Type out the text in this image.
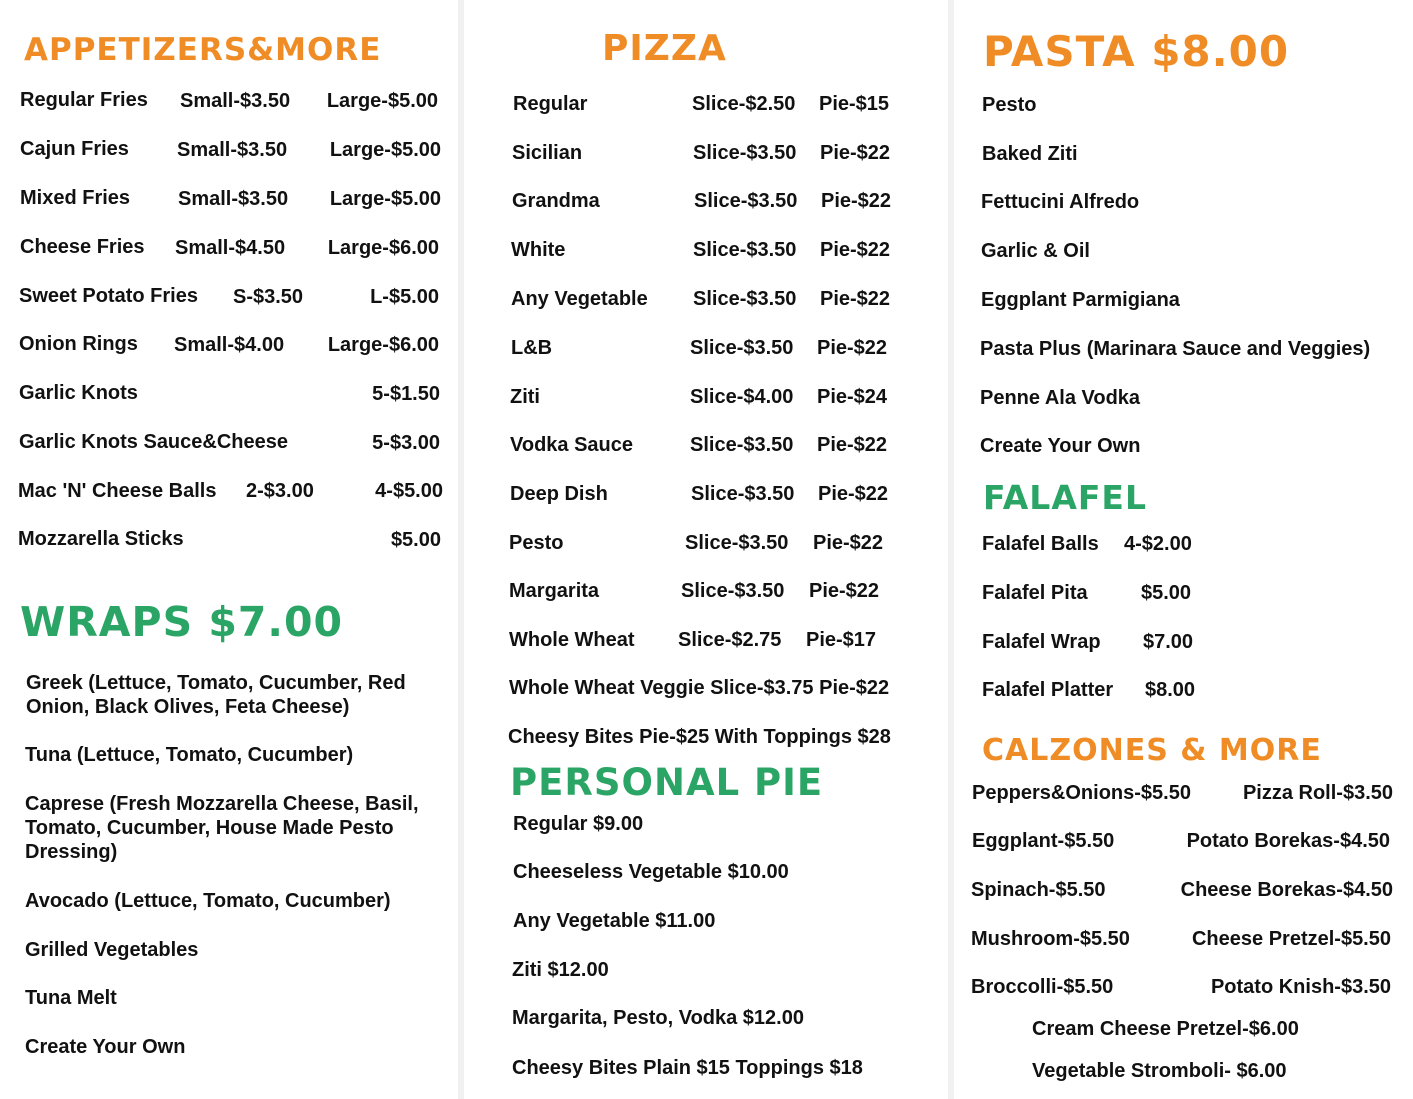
APPETIZERS&MORE
Regular Fries Small-$3.50	Large-$5.00
Cajun Fries Small-$3.50	Large-$5.00
Mixed Fries Small-$3.50	Large-$5.00
Cheese Fries Small-$4.50	Large-$6.00
Sweet Potato Fries S-$3.50	L-$5.00
Onion Rings Small-$4.00	Large-$6.00
Garlic Knots	5-$1.50
Garlic Knots Sauce&Cheese	5-$3.00
Mac 'N' Cheese Balls 2-$3.00	4-$5.00
Mozzarella Sticks	$5.00
WRAPS $7.00
Greek (Lettuce, Tomato, Cucumber, Red Onion, Black Olives, Feta Cheese)
Tuna (Lettuce, Tomato, Cucumber)
Caprese (Fresh Mozzarella Cheese, Basil, Tomato, Cucumber, House Made Pesto Dressing)
Avocado (Lettuce, Tomato, Cucumber)
Grilled Vegetables
Tuna Melt
Create Your Own
PIZZA
Regular	Slice-$2.50 Pie-$15
Sicilian	Slice-$3.50 Pie-$22
Grandma	Slice-$3.50 Pie-$22
White	Slice-$3.50 Pie-$22
Any Vegetable Slice-$3.50 Pie-$22
L&B	Slice-$3.50 Pie-$22
Ziti	Slice-$4.00 Pie-$24
Vodka Sauce	Slice-$3.50 Pie-$22
Deep Dish	Slice-$3.50 Pie-$22
Pesto	Slice-$3.50 Pie-$22
Margarita	Slice-$3.50 Pie-$22
Whole Wheat Slice-$2.75 Pie-$17
Whole Wheat Veggie Slice-$3.75 Pie-$22
Cheesy Bites Pie-$25 With Toppings $28
PERSONAL PIE
Regular $9.00
Cheeseless Vegetable $10.00
Any Vegetable $11.00
Ziti $12.00
Margarita, Pesto, Vodka $12.00
Cheesy Bites Plain $15 Toppings $18
PASTA $8.00
Pesto
Baked Ziti
Fettucini Alfredo
Garlic & Oil
Eggplant Parmigiana
Pasta Plus (Marinara Sauce and Veggies)
Penne Ala Vodka
Create Your Own
FALAFEL
Falafel Balls 4-$2.00
Falafel Pita	$5.00
Falafel Wrap $7.00
Falafel Platter $8.00
CALZONES & MORE
Peppers&Onions-$5.50	Pizza Roll-$3.50
Eggplant-$5.50	Potato Borekas-$4.50
Spinach-$5.50	Cheese Borekas-$4.50
Mushroom-$5.50	Cheese Pretzel-$5.50
Broccolli-$5.50	Potato Knish-$3.50
Cream Cheese Pretzel-$6.00
Vegetable Stromboli- $6.00
